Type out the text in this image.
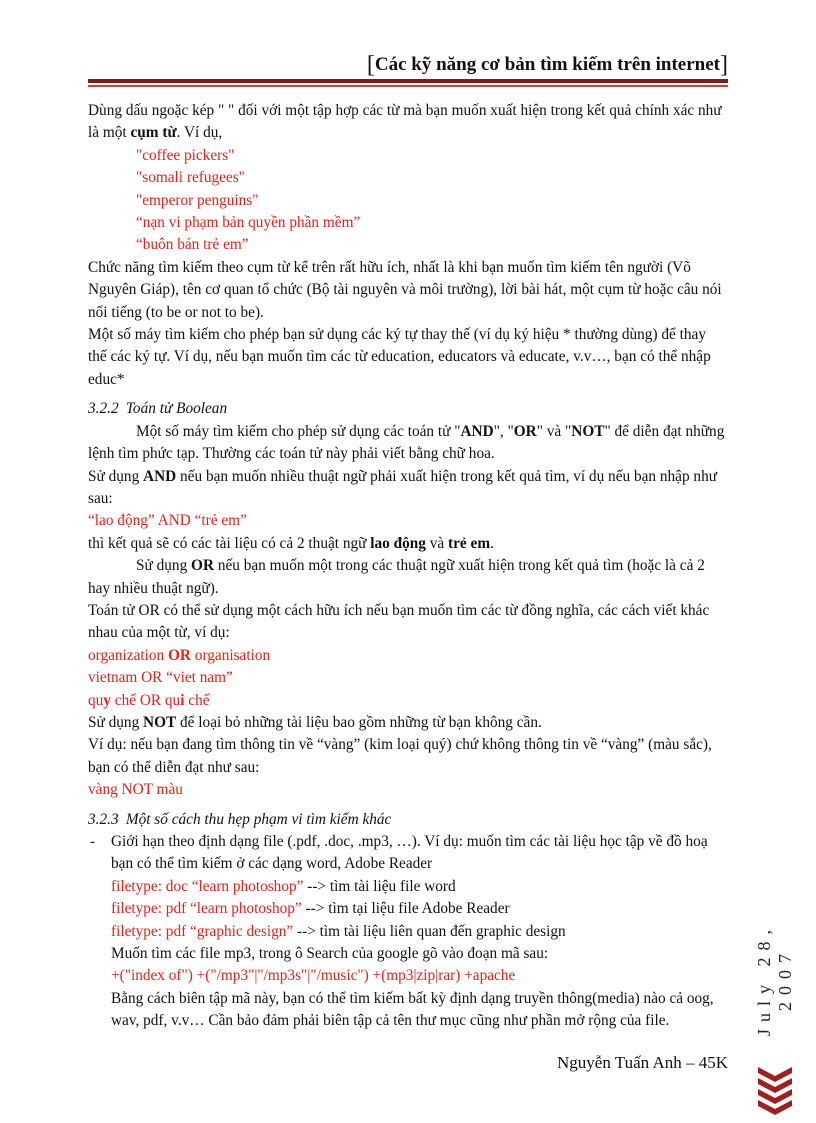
[Các kỹ năng cơ bản tìm kiếm trên internet]

Dùng dấu ngoặc kép " " đối với một tập hợp các từ mà bạn muốn xuất hiện trong kết quả chính xác như là một cụm từ. Ví dụ,

"coffee pickers"

"somali refugees"

"emperor penguins"

“nạn vi phạm bản quyền phần mềm”

“buôn bán trẻ em”

Chức năng tìm kiếm theo cụm từ kể trên rất hữu ích, nhất là khi bạn muốn tìm kiếm tên người (Võ Nguyên Giáp), tên cơ quan tổ chức (Bộ tài nguyên và môi trường), lời bài hát, một cụm từ hoặc câu nói nổi tiếng (to be or not to be).

Một số máy tìm kiếm cho phép bạn sử dụng các ký tự thay thế (ví dụ ký hiệu * thường dùng) để thay thế các ký tự. Ví dụ, nếu bạn muốn tìm các từ education, educators và educate, v.v…, bạn có thể nhập educ*

3.2.2 Toán tử Boolean

Một số máy tìm kiếm cho phép sử dụng các toán tử "AND", "OR" và "NOT" để diễn đạt những lệnh tìm phức tạp. Thường các toán tử này phải viết bằng chữ hoa.

Sử dụng AND nếu bạn muốn nhiều thuật ngữ phải xuất hiện trong kết quả tìm, ví dụ nếu bạn nhập như sau:

“lao động” AND “trẻ em”

thì kết quả sẽ có các tài liệu có cả 2 thuật ngữ lao động và trẻ em.

Sử dụng OR nếu bạn muốn một trong các thuật ngữ xuất hiện trong kết quả tìm (hoặc là cả 2 hay nhiều thuật ngữ).

Toán tử OR có thể sử dụng một cách hữu ích nếu bạn muốn tìm các từ đồng nghĩa, các cách viết khác nhau của một từ, ví dụ:

organization OR organisation

vietnam OR “viet nam”

quy chế OR qui chế

Sử dụng NOT để loại bỏ những tài liệu bao gồm những từ bạn không cần.

Ví dụ: nếu bạn đang tìm thông tin về “vàng” (kim loại quý) chứ không thông tin về “vàng” (màu sắc), bạn có thể diễn đạt như sau:

vàng NOT màu

3.2.3 Một số cách thu hẹp phạm vi tìm kiếm khác

- Giới hạn theo định dạng file (.pdf, .doc, .mp3, …). Ví dụ: muốn tìm các tài liệu học tập về đồ hoạ bạn có thể tìm kiếm ở các dạng word, Adobe Reader

filetype: doc “learn photoshop” --> tìm tài liệu file word

filetype: pdf “learn photoshop” --> tìm tại liệu file Adobe Reader

filetype: pdf “graphic design” --> tìm tài liệu liên quan đến graphic design

Muốn tìm các file mp3, trong ô Search của google gõ vào đoạn mã sau:

+("index of") +("/mp3"|"/mp3s"|"/music") +(mp3|zip|rar) +apache

Bằng cách biên tập mã này, bạn có thể tìm kiếm bất kỳ định dạng truyền thông(media) nào cả oog, wav, pdf, v.v… Cần bảo đảm phải biên tập cả tên thư mục cũng như phần mở rộng của file.	July 28, 2007
Nguyễn Tuấn Anh – 45K
